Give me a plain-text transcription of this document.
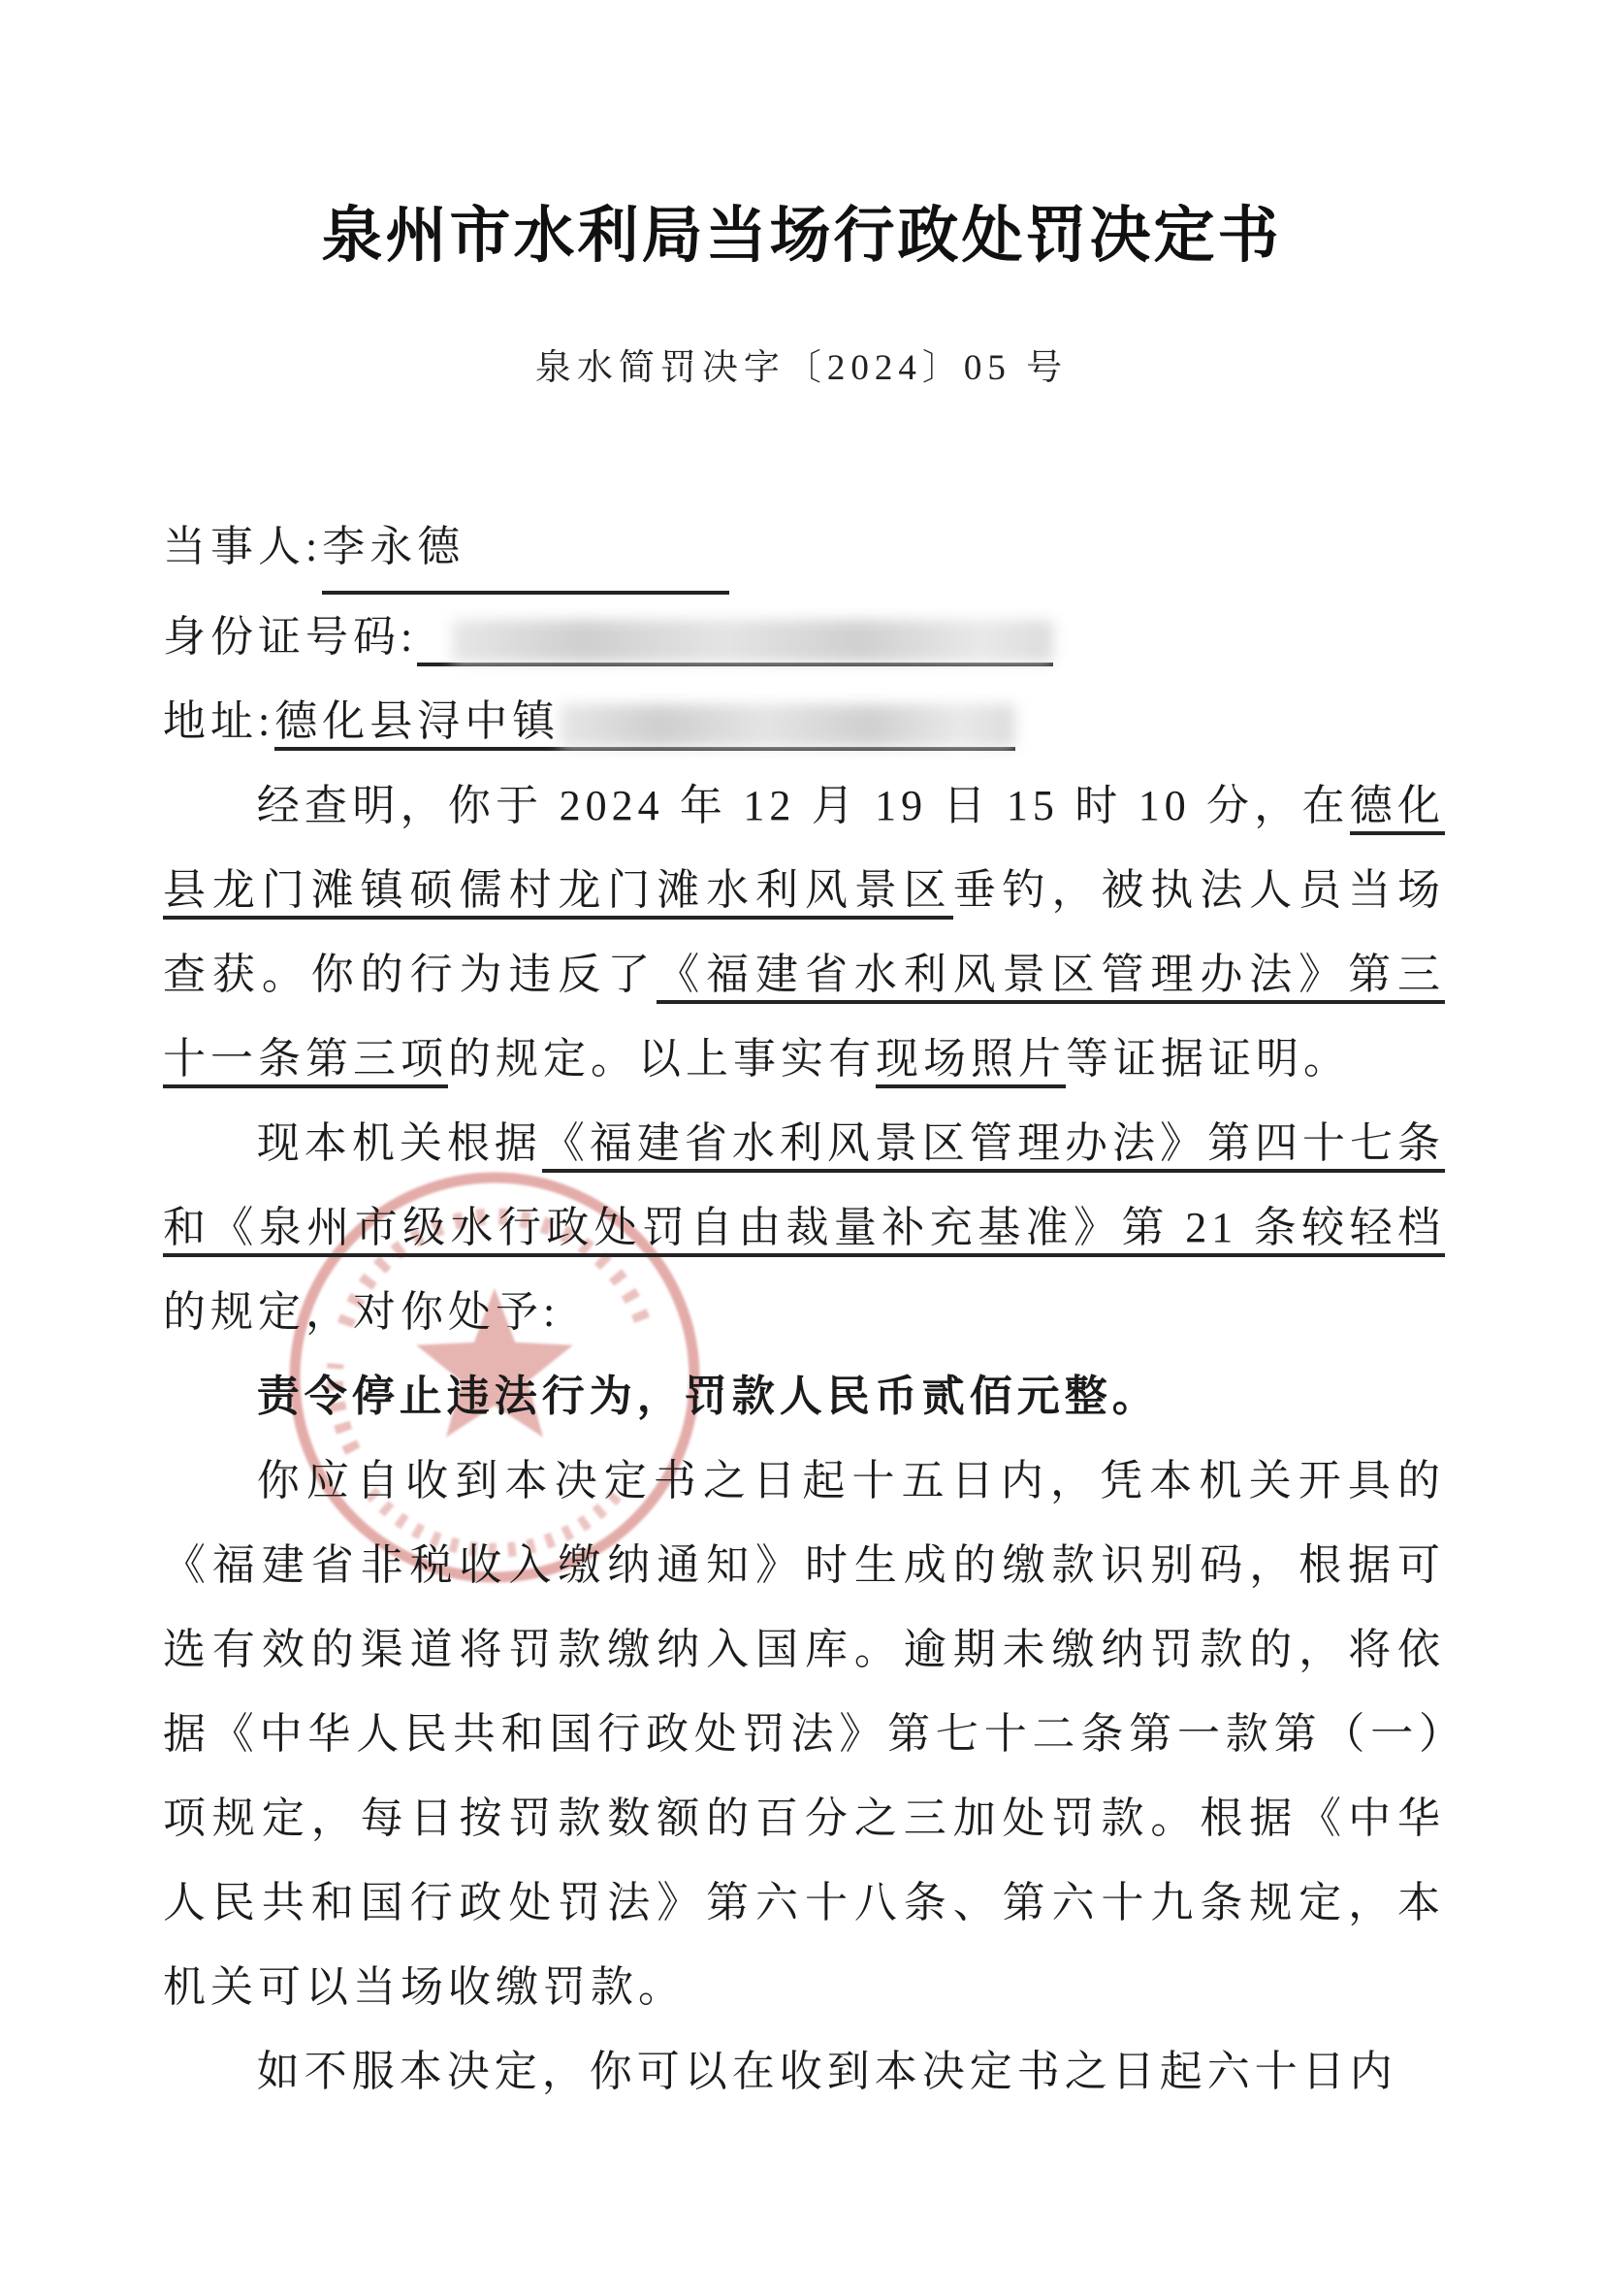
泉州市水利局当场行政处罚决定书
泉水简罚决字〔2024〕05 号

当事人:李永德

身份证号码:

地址:德化县浔中镇

经查明，你于 2024 年 12 月 19 日 15 时 10 分，在德化县龙门滩镇硕儒村龙门滩水利风景区垂钓，被执法人员当场查获。你的行为违反了《福建省水利风景区管理办法》第三十一条第三项的规定。以上事实有现场照片等证据证明。

现本机关根据《福建省水利风景区管理办法》第四十七条和《泉州市级水行政处罚自由裁量补充基准》第 21 条较轻档的规定，对你处予:

责令停止违法行为，罚款人民币贰佰元整。

你应自收到本决定书之日起十五日内，凭本机关开具的《福建省非税收入缴纳通知》时生成的缴款识别码，根据可选有效的渠道将罚款缴纳入国库。逾期未缴纳罚款的，将依据《中华人民共和国行政处罚法》第七十二条第一款第（一）项规定，每日按罚款数额的百分之三加处罚款。根据《中华人民共和国行政处罚法》第六十八条、第六十九条规定，本机关可以当场收缴罚款。

如不服本决定，你可以在收到本决定书之日起六十日内
